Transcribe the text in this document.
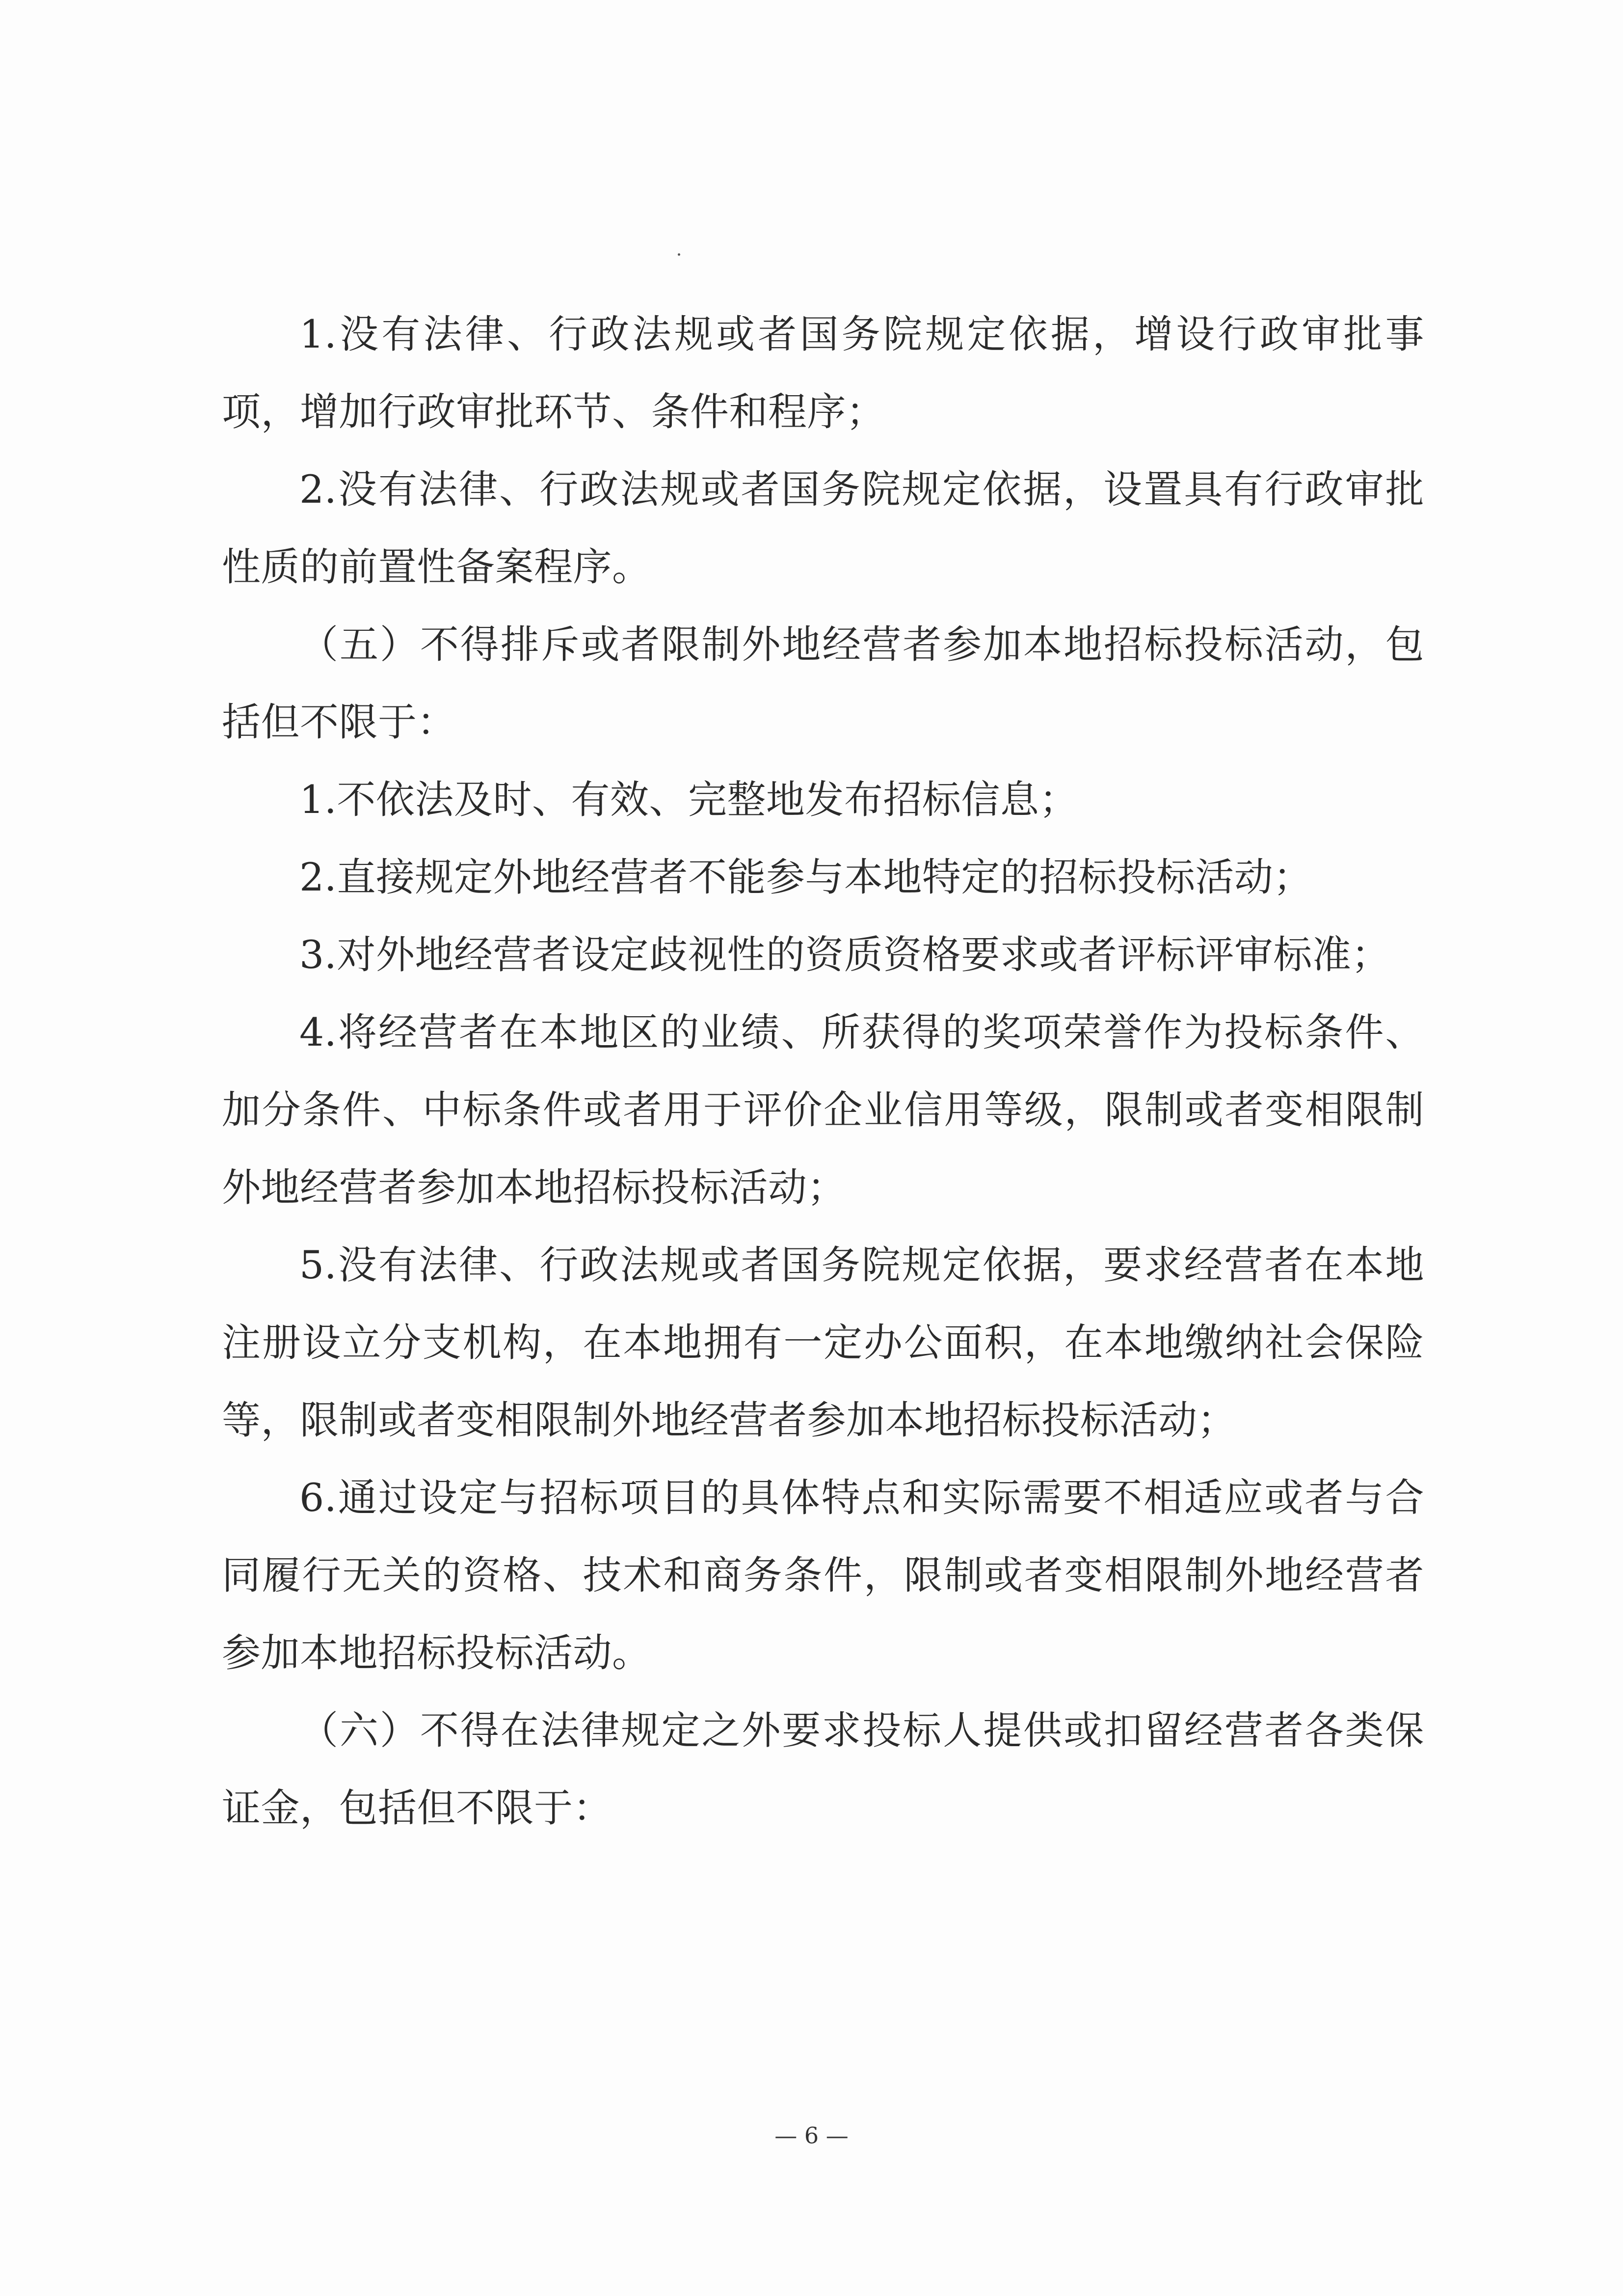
1.没有法律、行政法规或者国务院规定依据，增设行政审批事项，增加行政审批环节、条件和程序；

2.没有法律、行政法规或者国务院规定依据，设置具有行政审批性质的前置性备案程序。

（五）不得排斥或者限制外地经营者参加本地招标投标活动，包括但不限于：

1.不依法及时、有效、完整地发布招标信息；

2.直接规定外地经营者不能参与本地特定的招标投标活动；

3.对外地经营者设定歧视性的资质资格要求或者评标评审标准；

4.将经营者在本地区的业绩、所获得的奖项荣誉作为投标条件、加分条件、中标条件或者用于评价企业信用等级，限制或者变相限制外地经营者参加本地招标投标活动；

5.没有法律、行政法规或者国务院规定依据，要求经营者在本地注册设立分支机构，在本地拥有一定办公面积，在本地缴纳社会保险等，限制或者变相限制外地经营者参加本地招标投标活动；

6.通过设定与招标项目的具体特点和实际需要不相适应或者与合同履行无关的资格、技术和商务条件，限制或者变相限制外地经营者参加本地招标投标活动。

（六）不得在法律规定之外要求投标人提供或扣留经营者各类保证金，包括但不限于：

— 6 —
